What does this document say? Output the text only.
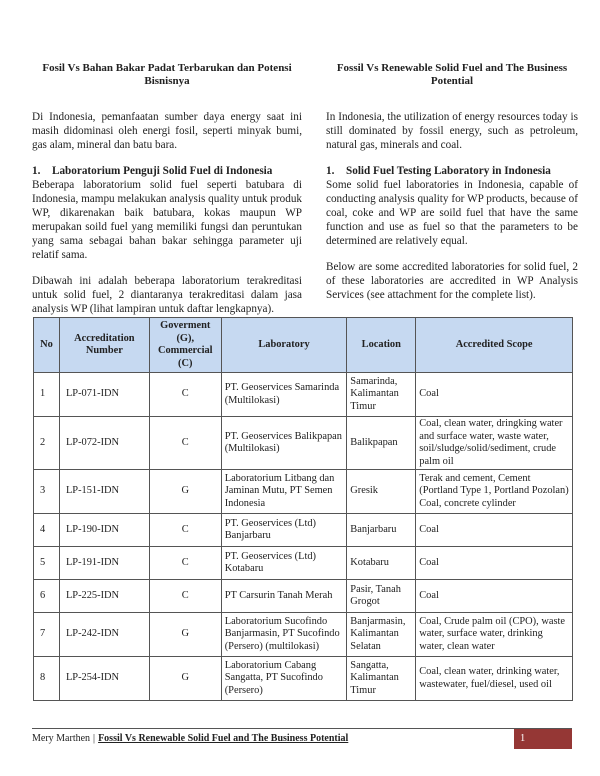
Fosil Vs Bahan Bakar Padat Terbarukan dan Potensi Bisnisnya

Di Indonesia, pemanfaatan sumber daya energy saat ini masih didominasi oleh energi fosil, seperti minyak bumi, gas alam, mineral dan batu bara.

1. Laboratorium Penguji Solid Fuel di Indonesia

Beberapa laboratorium solid fuel seperti batubara di Indonesia, mampu melakukan analysis quality untuk produk WP, dikarenakan baik batubara, kokas maupun WP merupakan soild fuel yang memiliki fungsi dan peruntukan yang sama sebagai bahan bakar sehingga parameter uji relatif sama.

Dibawah ini adalah beberapa laboratorium terakreditasi untuk solid fuel, 2 diantaranya terakreditasi dalam jasa analysis WP (lihat lampiran untuk daftar lengkapnya).

Fossil Vs Renewable Solid Fuel and The Business Potential

In Indonesia, the utilization of energy resources today is still dominated by fossil energy, such as petroleum, natural gas, minerals and coal.

1. Solid Fuel Testing Laboratory in Indonesia

Some solid fuel laboratories in Indonesia, capable of conducting analysis quality for WP products, because of coal, coke and WP are soild fuel that have the same function and use as fuel so that the parameters to be determined are relatively equal.

Below are some accredited laboratories for solid fuel, 2 of these laboratories are accredited in WP Analysis Services (see attachment for the complete list).

No	Accreditation Number	Goverment (G), Commercial (C)	Laboratory	Location	Accredited Scope
1	LP-071-IDN	C	PT. Geoservices Samarinda (Multilokasi)	Samarinda, Kalimantan Timur	Coal
2	LP-072-IDN	C	PT. Geoservices Balikpapan (Multilokasi)	Balikpapan	Coal, clean water, dringking water and surface water, waste water, soil/sludge/solid/sediment, crude palm oil
3	LP-151-IDN	G	Laboratorium Litbang dan Jaminan Mutu, PT Semen Indonesia	Gresik	Terak and cement, Cement (Portland Type 1, Portland Pozolan) Coal, concrete cylinder
4	LP-190-IDN	C	PT. Geoservices (Ltd) Banjarbaru	Banjarbaru	Coal
5	LP-191-IDN	C	PT. Geoservices (Ltd) Kotabaru	Kotabaru	Coal
6	LP-225-IDN	C	PT Carsurin Tanah Merah	Pasir, Tanah Grogot	Coal
7	LP-242-IDN	G	Laboratorium Sucofindo Banjarmasin, PT Sucofindo (Persero) (multilokasi)	Banjarmasin, Kalimantan Selatan	Coal, Crude palm oil (CPO), waste water, surface water, drinking water, clean water
8	LP-254-IDN	G	Laboratorium Cabang Sangatta, PT Sucofindo (Persero)	Sangatta, Kalimantan Timur	Coal, clean water, drinking water, wastewater, fuel/diesel, used oil
Mery Marthen | Fossil Vs Renewable Solid Fuel and The Business Potential	1
